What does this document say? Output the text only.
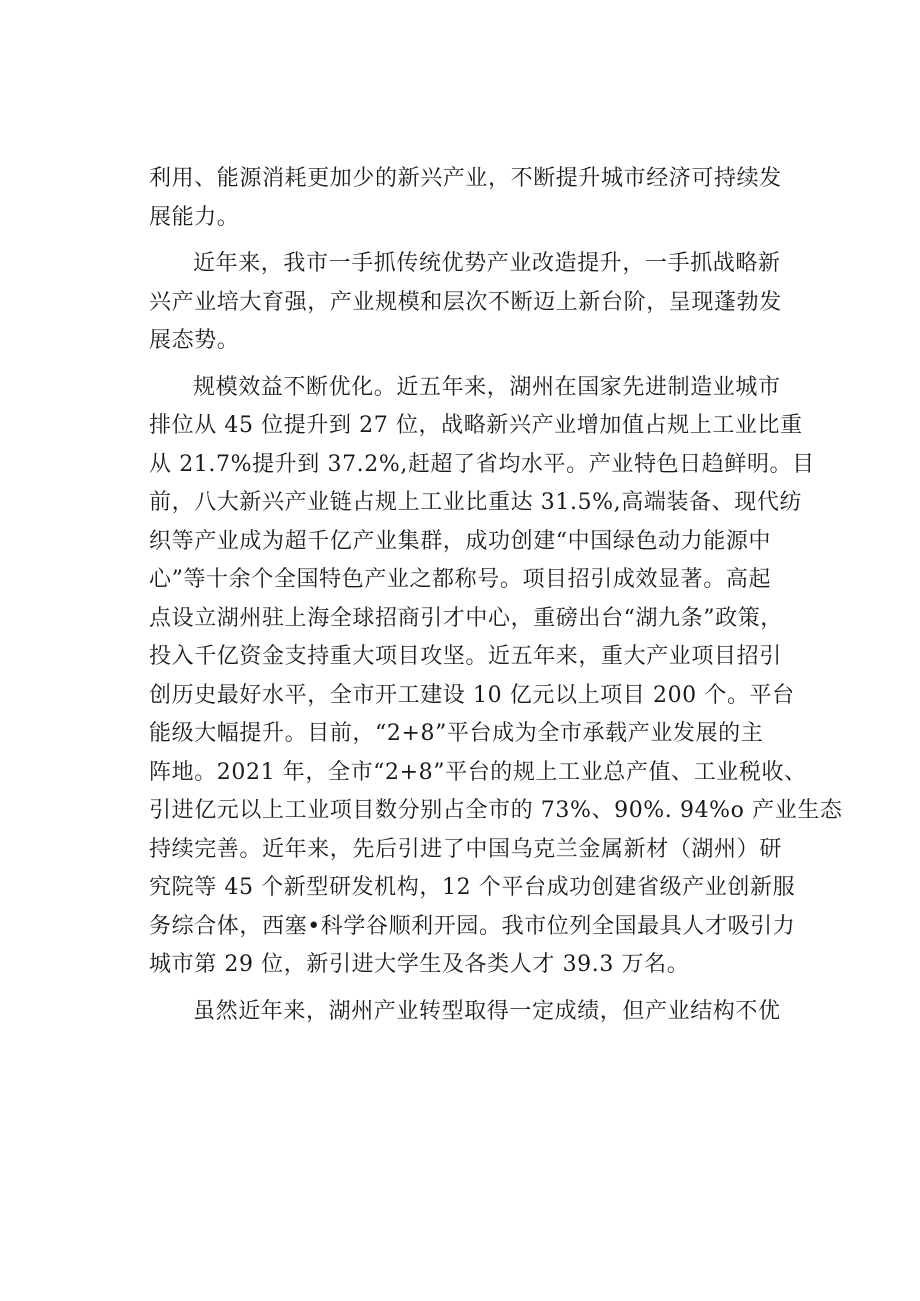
利用、能源消耗更加少的新兴产业，不断提升城市经济可持续发
展能力。
近年来，我市一手抓传统优势产业改造提升，一手抓战略新
兴产业培大育强，产业规模和层次不断迈上新台阶，呈现蓬勃发
展态势。
规模效益不断优化。近五年来，湖州在国家先进制造业城市
排位从 45 位提升到 27 位，战略新兴产业增加值占规上工业比重
从 21.7%提升到 37.2%,赶超了省均水平。产业特色日趋鲜明。目
前，八大新兴产业链占规上工业比重达 31.5%,高端装备、现代纺
织等产业成为超千亿产业集群，成功创建“中国绿色动力能源中
心”等十余个全国特色产业之都称号。项目招引成效显著。高起
点设立湖州驻上海全球招商引才中心，重磅出台“湖九条”政策，
投入千亿资金支持重大项目攻坚。近五年来，重大产业项目招引
创历史最好水平，全市开工建设 10 亿元以上项目 200 个。平台
能级大幅提升。目前，“2+8”平台成为全市承载产业发展的主
阵地。2021 年，全市“2+8”平台的规上工业总产值、工业税收、
引进亿元以上工业项目数分别占全市的 73%、90%. 94%o 产业生态
持续完善。近年来，先后引进了中国乌克兰金属新材（湖州）研
究院等 45 个新型研发机构，12 个平台成功创建省级产业创新服
务综合体，西塞•科学谷顺利开园。我市位列全国最具人才吸引力
城市第 29 位，新引进大学生及各类人才 39.3 万名。
虽然近年来，湖州产业转型取得一定成绩，但产业结构不优
